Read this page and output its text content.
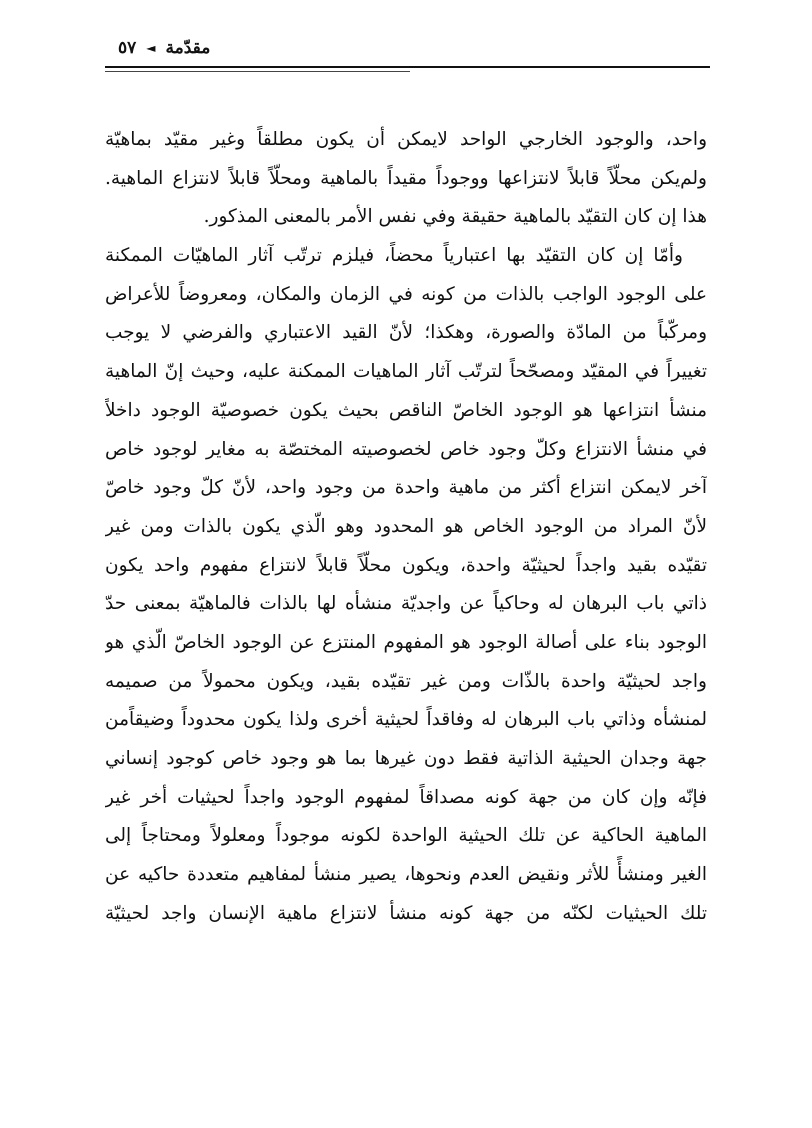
٥٧ ◄ مقدّمة
واحد، والوجود الخارجي الواحد لايمكن أن يكون مطلقاً وغير مقيّد بماهيّة
ولم‌يكن محلّاً قابلاً لانتزاعها ووجوداً مقيداً بالماهية ومحلّاً قابلاً لانتزاع الماهية.
هذا إن كان التقيّد بالماهية حقيقة وفي نفس الأمر بالمعنى المذكور.
وأمّا إن كان التقيّد بها اعتبارياً محضاً، فيلزم ترتّب آثار الماهيّات الممكنة
على الوجود الواجب بالذات من كونه في الزمان والمكان، ومعروضاً للأعراض
ومركّباً من المادّة والصورة، وهكذا؛ لأنّ القيد الاعتباري والفرضي لا يوجب
تغييراً في المقيّد ومصحّحاً لترتّب آثار الماهيات الممكنة عليه، وحيث إنّ الماهية
منشأ انتزاعها هو الوجود الخاصّ الناقص بحيث يكون خصوصيّة الوجود داخلاً
في منشأ الانتزاع وكلّ وجود خاص لخصوصيته المختصّة به مغاير لوجود خاص
آخر لايمكن انتزاع أكثر من ماهية واحدة من وجود واحد، لأنّ كلّ وجود خاصّ
لأنّ المراد من الوجود الخاص هو المحدود وهو الّذي يكون بالذات ومن غير
تقيّده بقيد واجداً لحيثيّة واحدة، ويكون محلّاً قابلاً لانتزاع مفهوم واحد يكون
ذاتي باب البرهان له وحاكياً عن واجديّة منشأه لها بالذات فالماهيّة بمعنى حدّ
الوجود بناء على أصالة الوجود هو المفهوم المنتزع عن الوجود الخاصّ الّذي هو
واجد لحيثيّة واحدة بالذّات ومن غير تقيّده بقيد، ويكون محمولاً من صميمه
لمنشأه وذاتي باب البرهان له وفاقداً لحيثية أخرى ولذا يكون محدوداً وضيقاًمن
جهة وجدان الحيثية الذاتية فقط دون غيرها بما هو وجود خاص كوجود إنساني
فإنّه وإن كان من جهة كونه مصداقاً لمفهوم الوجود واجداً لحيثيات أخر غير
الماهية الحاكية عن تلك الحيثية الواحدة لكونه موجوداً ومعلولاً ومحتاجاً إلى
الغير ومنشأً للأثر ونقيض العدم ونحوها، يصير منشأ لمفاهيم متعددة حاكيه عن
تلك الحيثيات لكنّه من جهة كونه منشأ لانتزاع ماهية الإنسان واجد لحيثيّة
